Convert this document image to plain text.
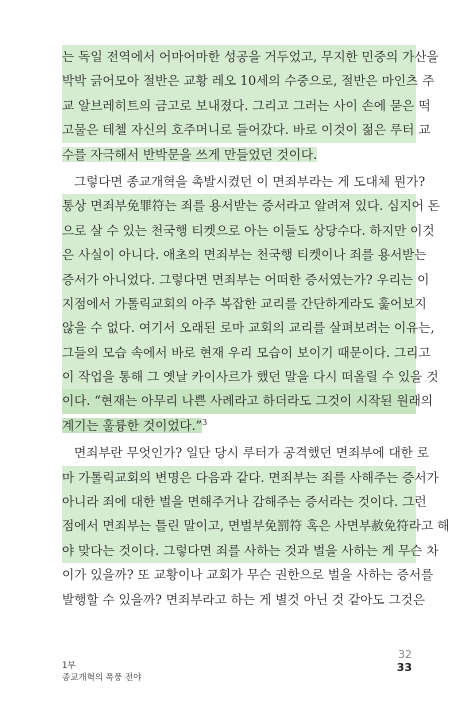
는 독일 전역에서 어마어마한 성공을 거두었고, 무지한 민중의 가산을
박박 긁어모아 절반은 교황 레오 10세의 수중으로, 절반은 마인츠 주
교 알브레히트의 금고로 보내졌다. 그리고 그러는 사이 손에 묻은 떡
고물은 테첼 자신의 호주머니로 들어갔다. 바로 이것이 젊은 루터 교
수를 자극해서 반박문을 쓰게 만들었던 것이다.
그렇다면 종교개혁을 촉발시켰던 이 면죄부라는 게 도대체 뭔가?
통상 면죄부免罪符는 죄를 용서받는 증서라고 알려져 있다. 심지어 돈
으로 살 수 있는 천국행 티켓으로 아는 이들도 상당수다. 하지만 이것
은 사실이 아니다. 애초의 면죄부는 천국행 티켓이나 죄를 용서받는
증서가 아니었다. 그렇다면 면죄부는 어떠한 증서였는가? 우리는 이
지점에서 가톨릭교회의 아주 복잡한 교리를 간단하게라도 훑어보지
않을 수 없다. 여기서 오래된 로마 교회의 교리를 살펴보려는 이유는,
그들의 모습 속에서 바로 현재 우리 모습이 보이기 때문이다. 그리고
이 작업을 통해 그 옛날 카이사르가 했던 말을 다시 떠올릴 수 있을 것
이다. “현재는 아무리 나쁜 사례라고 하더라도 그것이 시작된 원래의
계기는 훌륭한 것이었다.”$^3$
면죄부란 무엇인가? 일단 당시 루터가 공격했던 면죄부에 대한 로
마 가톨릭교회의 변명은 다음과 같다. 면죄부는 죄를 사해주는 증서가
아니라 죄에 대한 벌을 면해주거나 감해주는 증서라는 것이다. 그런
점에서 면죄부는 틀린 말이고, 면벌부免罰符 혹은 사면부赦免符라고 해
야 맞다는 것이다. 그렇다면 죄를 사하는 것과 벌을 사하는 게 무슨 차
이가 있을까? 또 교황이나 교회가 무슨 권한으로 벌을 사하는 증서를
발행할 수 있을까? 면죄부라고 하는 게 별것 아닌 것 같아도 그것은
1부
종교개혁의 폭풍 전야
32
33
